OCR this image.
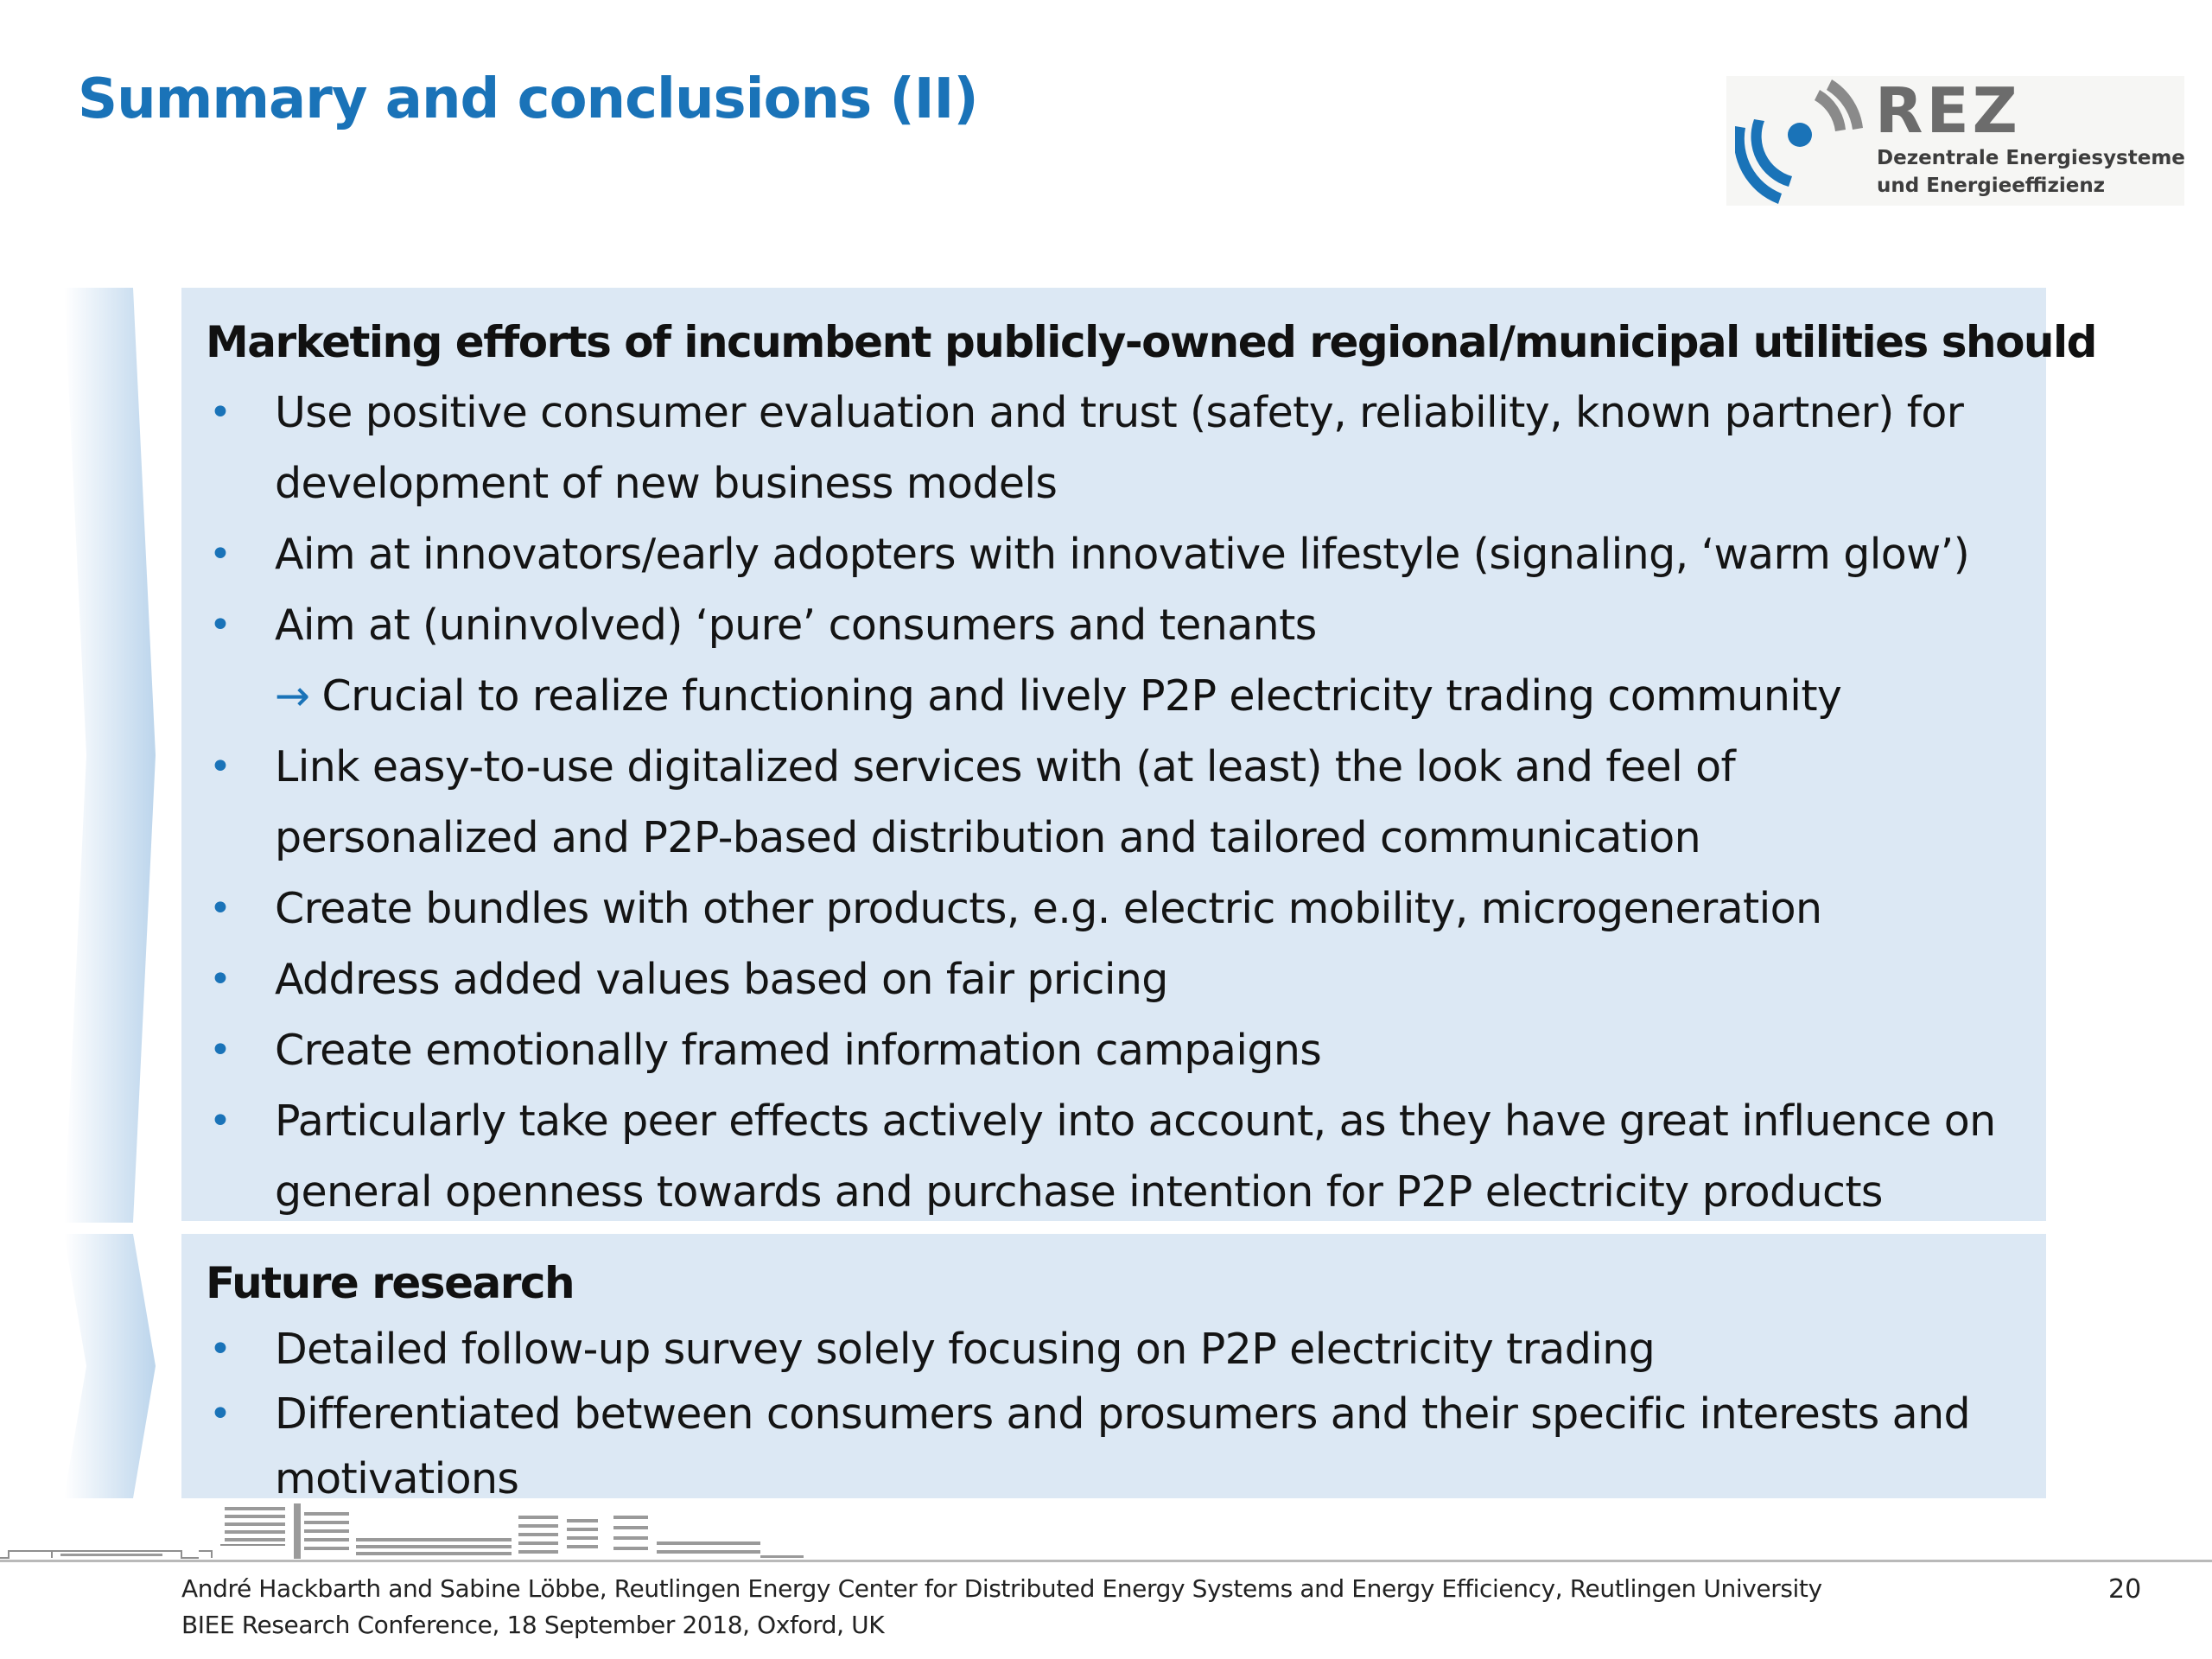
Summary and conclusions (II)	REZ
Dezentrale Energiesysteme
und Energieeffizienz
Marketing efforts of incumbent publicly-owned regional/municipal utilities should
• Use positive consumer evaluation and trust (safety, reliability, known partner) for development of new business models
• Aim at innovators/early adopters with innovative lifestyle (signaling, ‘warm glow’)
• Aim at (uninvolved) ‘pure’ consumers and tenants
→ Crucial to realize functioning and lively P2P electricity trading community
• Link easy-to-use digitalized services with (at least) the look and feel of personalized and P2P-based distribution and tailored communication
• Create bundles with other products, e.g. electric mobility, microgeneration
• Address added values based on fair pricing
• Create emotionally framed information campaigns
• Particularly take peer effects actively into account, as they have great influence on general openness towards and purchase intention for P2P electricity products
Future research
• Detailed follow-up survey solely focusing on P2P electricity trading
• Differentiated between consumers and prosumers and their specific interests and motivations
André Hackbarth and Sabine Löbbe, Reutlingen Energy Center for Distributed Energy Systems and Energy Efficiency, Reutlingen University
BIEE Research Conference, 18 September 2018, Oxford, UK
20
